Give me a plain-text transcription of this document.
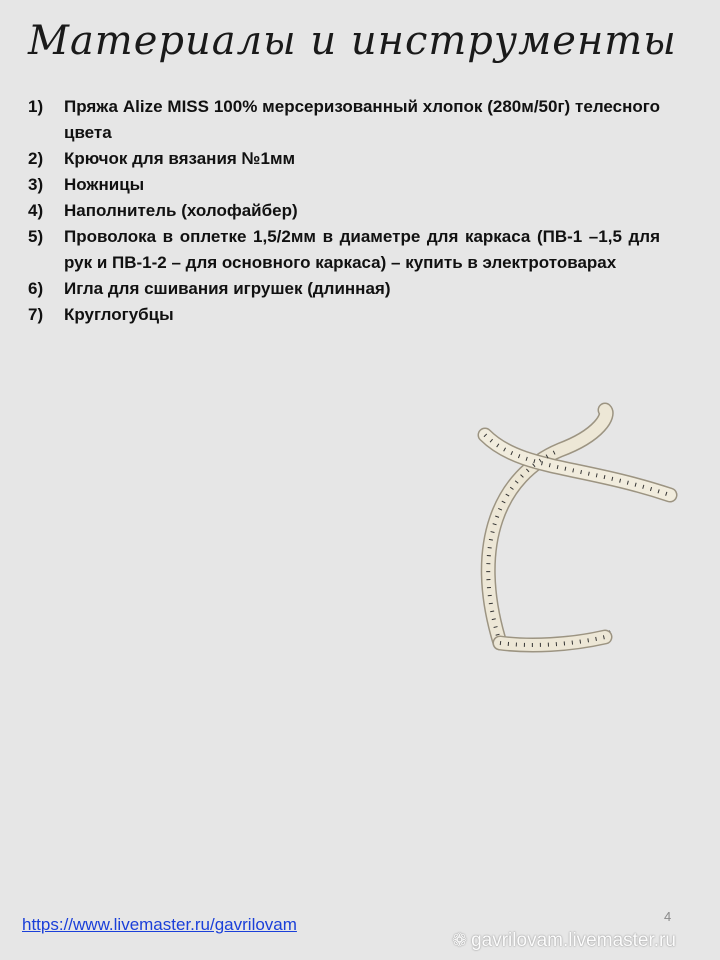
Материалы и инструменты
1) Пряжа Alize MISS 100% мерсеризованный хлопок (280м/50г) телесного цвета
2) Крючок для вязания №1мм
3) Ножницы
4) Наполнитель (холофайбер)
5) Проволока в оплетке 1,5/2мм в диаметре для каркаса (ПВ-1 –1,5 для рук и ПВ-1-2 – для основного каркаса) – купить в электротоварах
6) Игла для сшивания игрушек (длинная)
7) Круглогубцы
4
https://www.livemaster.ru/gavrilovam
❁ gavrilovam.livemaster.ru
